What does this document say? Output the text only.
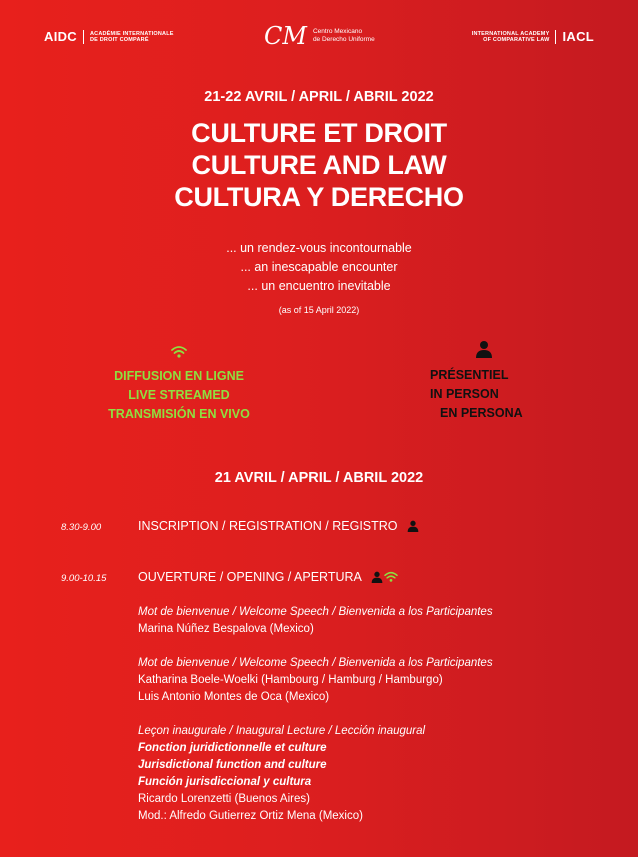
AIDC ACADÉMIE INTERNATIONALE
DE DROIT COMPARÉ	CM Centro Mexicano
de Derecho Uniforme
INTERNATIONAL ACADEMY
OF COMPARATIVE LAW IACL
21-22 AVRIL / APRIL / ABRIL 2022
CULTURE ET DROIT
CULTURE AND LAW
CULTURA Y DERECHO
... un rendez-vous incontournable
... an inescapable encounter
... un encuentro inevitable
(as of 15 April 2022)
DIFFUSION EN LIGNE
LIVE STREAMED
TRANSMISIÓN EN VIVO
PRÉSENTIEL
IN PERSON
EN PERSONA
21 AVRIL / APRIL / ABRIL 2022
8.30-9.00	INSCRIPTION / REGISTRATION / REGISTRO
9.00-10.15	OUVERTURE / OPENING / APERTURA
Mot de bienvenue / Welcome Speech / Bienvenida a los Participantes
Marina Núñez Bespalova (Mexico)
Mot de bienvenue / Welcome Speech / Bienvenida a los Participantes
Katharina Boele-Woelki (Hambourg / Hamburg / Hamburgo)
Luis Antonio Montes de Oca (Mexico)
Leçon inaugurale / Inaugural Lecture / Lección inaugural
Fonction juridictionnelle et culture
Jurisdictional function and culture
Función jurisdiccional y cultura
Ricardo Lorenzetti (Buenos Aires)
Mod.: Alfredo Gutierrez Ortiz Mena (Mexico)
